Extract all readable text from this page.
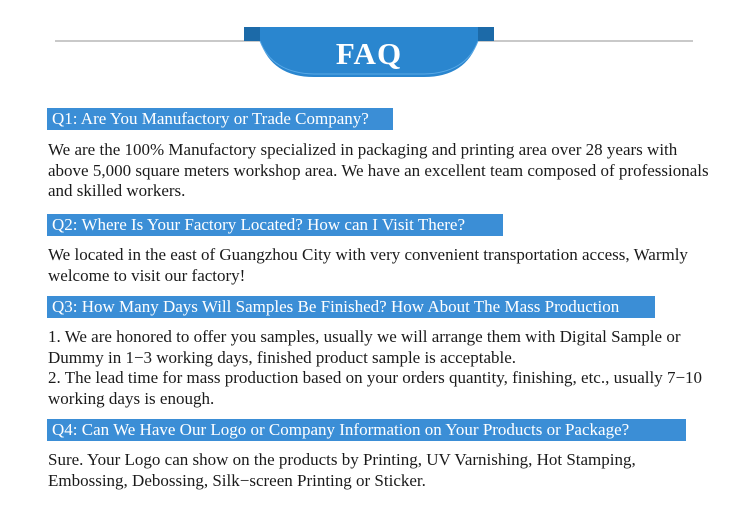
FAQ
Q1: Are You Manufactory or Trade Company?

We are the 100% Manufactory specialized in packaging and printing area over 28 years with above 5,000 square meters workshop area. We have an excellent team composed of professionals and skilled workers.

Q2: Where Is Your Factory Located? How can I Visit There?

We located in the east of Guangzhou City with very convenient transportation access, Warmly welcome to visit our factory!

Q3: How Many Days Will Samples Be Finished? How About The Mass Production

1. We are honored to offer you samples, usually we will arrange them with Digital Sample or Dummy in 1−3 working days, finished product sample is acceptable.

2. The lead time for mass production based on your orders quantity, finishing, etc., usually 7−10 working days is enough.

Q4: Can We Have Our Logo or Company Information on Your Products or Package?

Sure. Your Logo can show on the products by Printing, UV Varnishing, Hot Stamping, Embossing, Debossing, Silk−screen Printing or Sticker.
